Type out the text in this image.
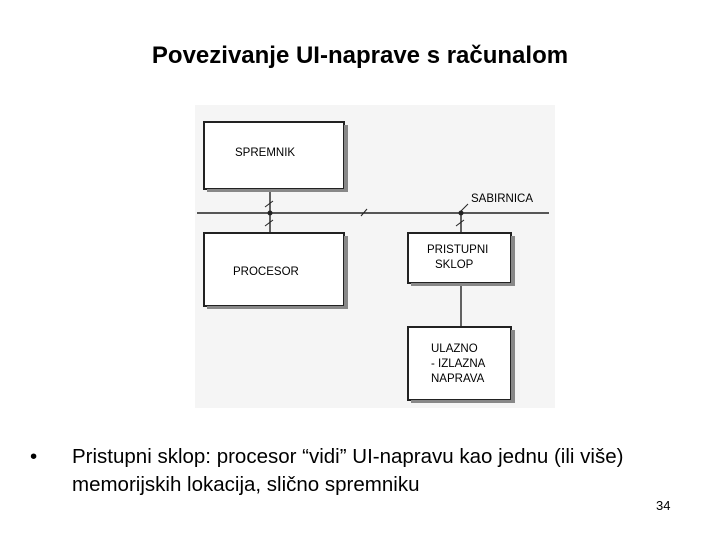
Povezivanje UI-naprave s računalom
SABIRNICA
SPREMNIK
PROCESOR
PRISTUPNI
SKLOP
ULAZNO
- IZLAZNA
NAPRAVA
• Pristupni sklop: procesor “vidi” UI-napravu kao jednu (ili više) memorijskih lokacija, slično spremniku
34
